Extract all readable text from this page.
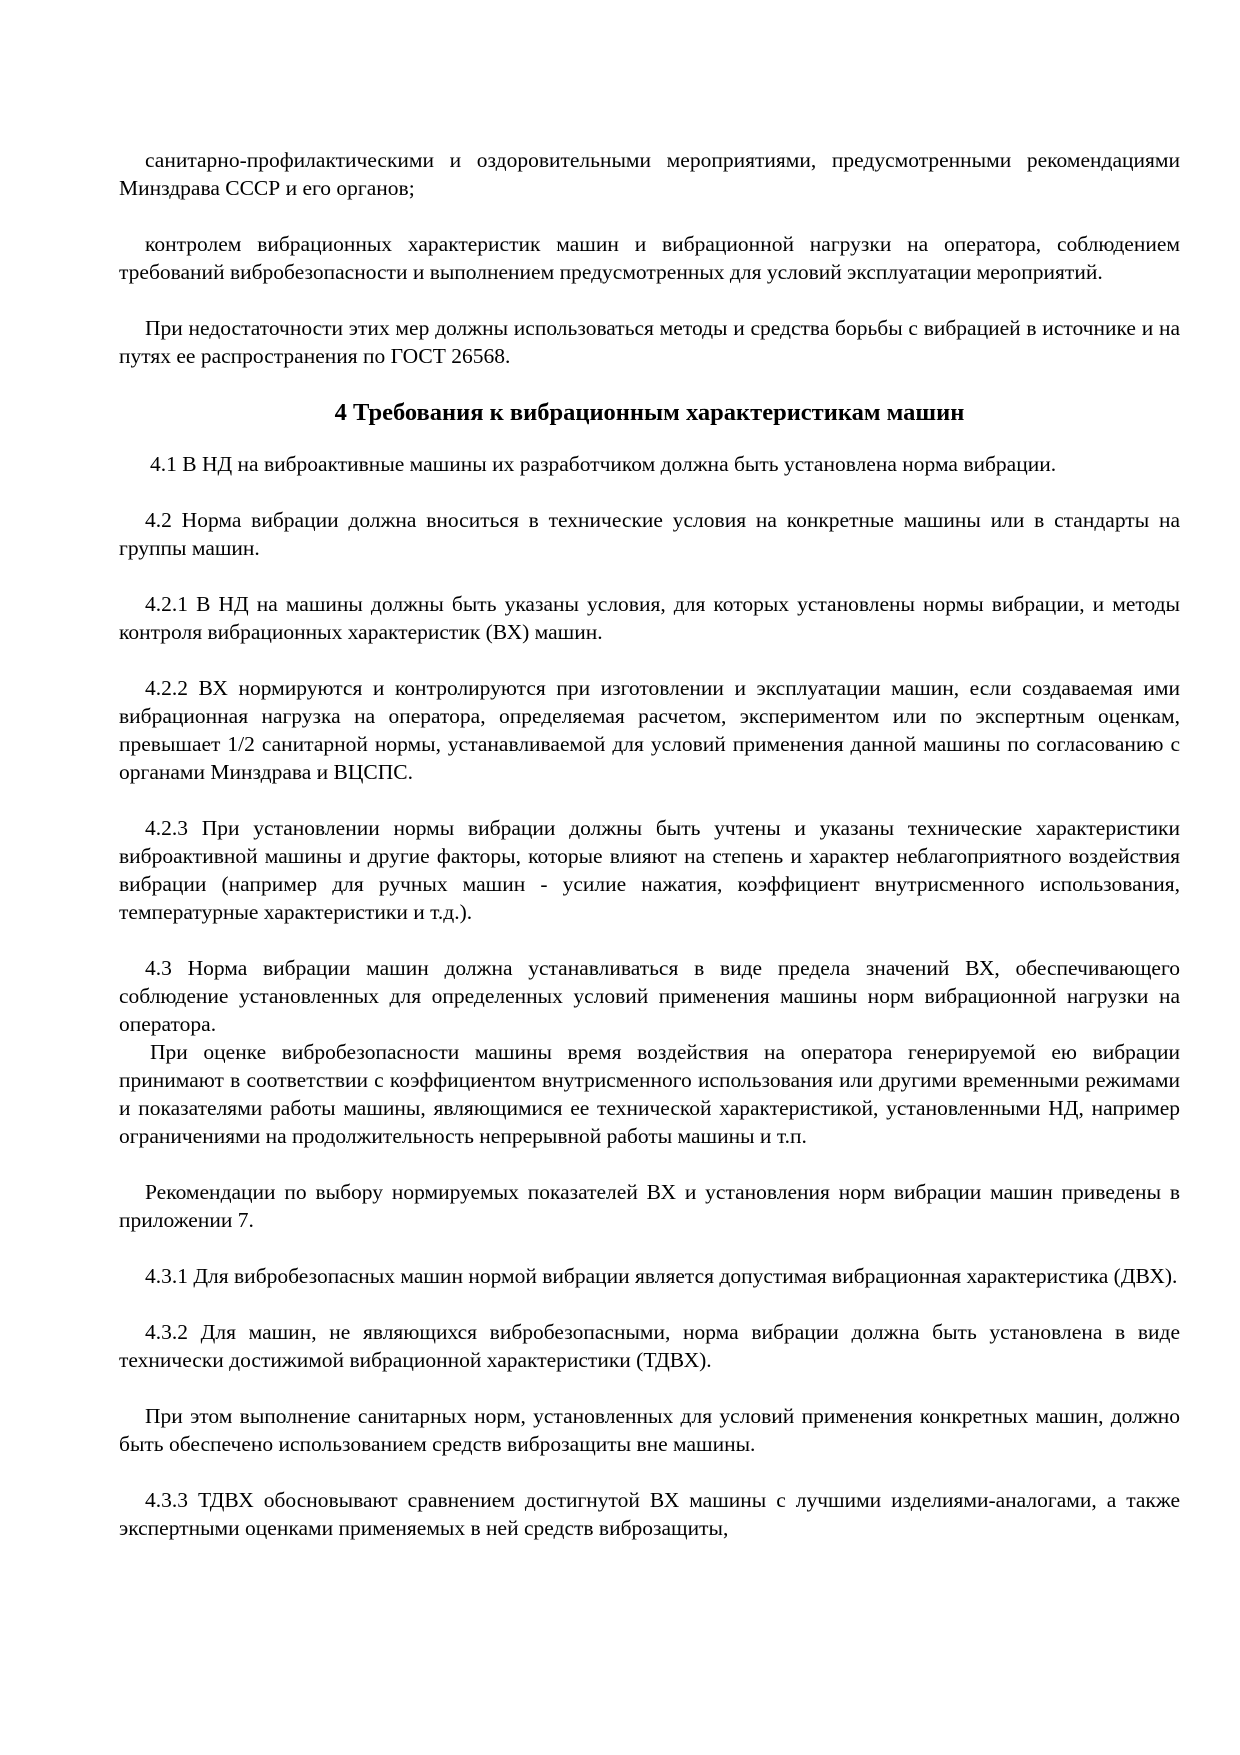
санитарно-профилактическими и оздоровительными мероприятиями, предусмотренными рекомендациями Минздрава СССР и его органов;

контролем вибрационных характеристик машин и вибрационной нагрузки на оператора, соблюдением требований вибробезопасности и выполнением предусмотренных для условий эксплуатации мероприятий.

При недостаточности этих мер должны использоваться методы и средства борьбы с вибрацией в источнике и на путях ее распространения по ГОСТ 26568.

4 Требования к вибрационным характеристикам машин

4.1 В НД на виброактивные машины их разработчиком должна быть установлена норма вибрации.

4.2 Норма вибрации должна вноситься в технические условия на конкретные машины или в стандарты на группы машин.

4.2.1 В НД на машины должны быть указаны условия, для которых установлены нормы вибрации, и методы контроля вибрационных характеристик (ВХ) машин.

4.2.2 ВХ нормируются и контролируются при изготовлении и эксплуатации машин, если создаваемая ими вибрационная нагрузка на оператора, определяемая расчетом, экспериментом или по экспертным оценкам, превышает 1/2 санитарной нормы, устанавливаемой для условий применения данной машины по согласованию с органами Минздрава и ВЦСПС.

4.2.3 При установлении нормы вибрации должны быть учтены и указаны технические характеристики виброактивной машины и другие факторы, которые влияют на степень и характер неблагоприятного воздействия вибрации (например для ручных машин - усилие нажатия, коэффициент внутрисменного использования, температурные характеристики и т.д.).

4.3 Норма вибрации машин должна устанавливаться в виде предела значений ВХ, обеспечивающего соблюдение установленных для определенных условий применения машины норм вибрационной нагрузки на оператора.

При оценке вибробезопасности машины время воздействия на оператора генерируемой ею вибрации принимают в соответствии с коэффициентом внутрисменного использования или другими временными режимами и показателями работы машины, являющимися ее технической характеристикой, установленными НД, например ограничениями на продолжительность непрерывной работы машины и т.п.

Рекомендации по выбору нормируемых показателей ВХ и установления норм вибрации машин приведены в приложении 7.

4.3.1 Для вибробезопасных машин нормой вибрации является допустимая вибрационная характеристика (ДВХ).

4.3.2 Для машин, не являющихся вибробезопасными, норма вибрации должна быть установлена в виде технически достижимой вибрационной характеристики (ТДВХ).

При этом выполнение санитарных норм, установленных для условий применения конкретных машин, должно быть обеспечено использованием средств виброзащиты вне машины.

4.3.3 ТДВХ обосновывают сравнением достигнутой ВХ машины с лучшими изделиями-аналогами, а также экспертными оценками применяемых в ней средств виброзащиты,
